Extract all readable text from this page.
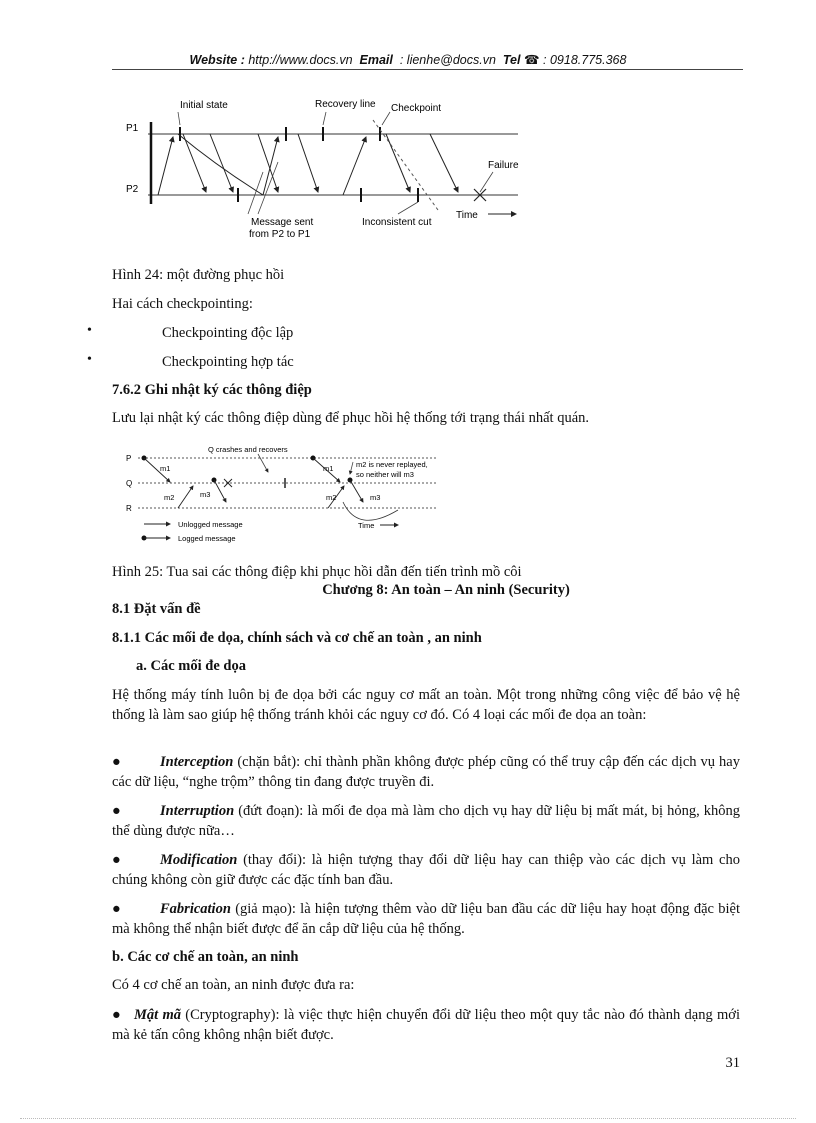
Website : http://www.docs.vn Email : lienhe@docs.vn Tel ☎ : 0918.775.368
P1
P2
Initial state	Recovery line Checkpoint
Failure
Time
Message sent
from P2 to P1
Inconsistent cut
Hình 24: một đường phục hồi
Hai cách checkpointing:
•	Checkpointing độc lập
•	Checkpointing hợp tác
7.6.2 Ghi nhật ký các thông điệp
Lưu lại nhật ký các thông điệp dùng để phục hồi hệ thống tới trạng thái nhất quán.
P
Q
R
Q crashes and recovers
m1
m2	m3
m1
m2	m3
m2 is never replayed,
so neither will m3
Time
Unlogged message
Logged message
Hình 25: Tua sai các thông điệp khi phục hồi dẫn đến tiến trình mồ côi
Chương 8: An toàn – An ninh (Security)
8.1 Đặt vấn đề
8.1.1 Các mối đe dọa, chính sách và cơ chế an toàn , an ninh
a. Các mối đe dọa
Hệ thống máy tính luôn bị đe dọa bởi các nguy cơ mất an toàn. Một trong những công việc để bảo vệ hệ thống là làm sao giúp hệ thống tránh khỏi các nguy cơ đó. Có 4 loại các mối đe dọa an toàn:
●	Interception (chặn bắt): chỉ thành phần không được phép cũng có thể truy cập đến các dịch vụ hay các dữ liệu, “nghe trộm” thông tin đang được truyền đi.
●	Interruption (đứt đoạn): là mối đe dọa mà làm cho dịch vụ hay dữ liệu bị mất mát, bị hỏng, không thể dùng được nữa…
●	Modification (thay đổi): là hiện tượng thay đổi dữ liệu hay can thiệp vào các dịch vụ làm cho chúng không còn giữ được các đặc tính ban đầu.
●	Fabrication (giả mạo): là hiện tượng thêm vào dữ liệu ban đầu các dữ liệu hay hoạt động đặc biệt mà không thể nhận biết được để ăn cắp dữ liệu của hệ thống.
b. Các cơ chế an toàn, an ninh
Có 4 cơ chế an toàn, an ninh được đưa ra:
● Mật mã (Cryptography): là việc thực hiện chuyển đổi dữ liệu theo một quy tắc nào đó thành dạng mới mà kẻ tấn công không nhận biết được.
31
